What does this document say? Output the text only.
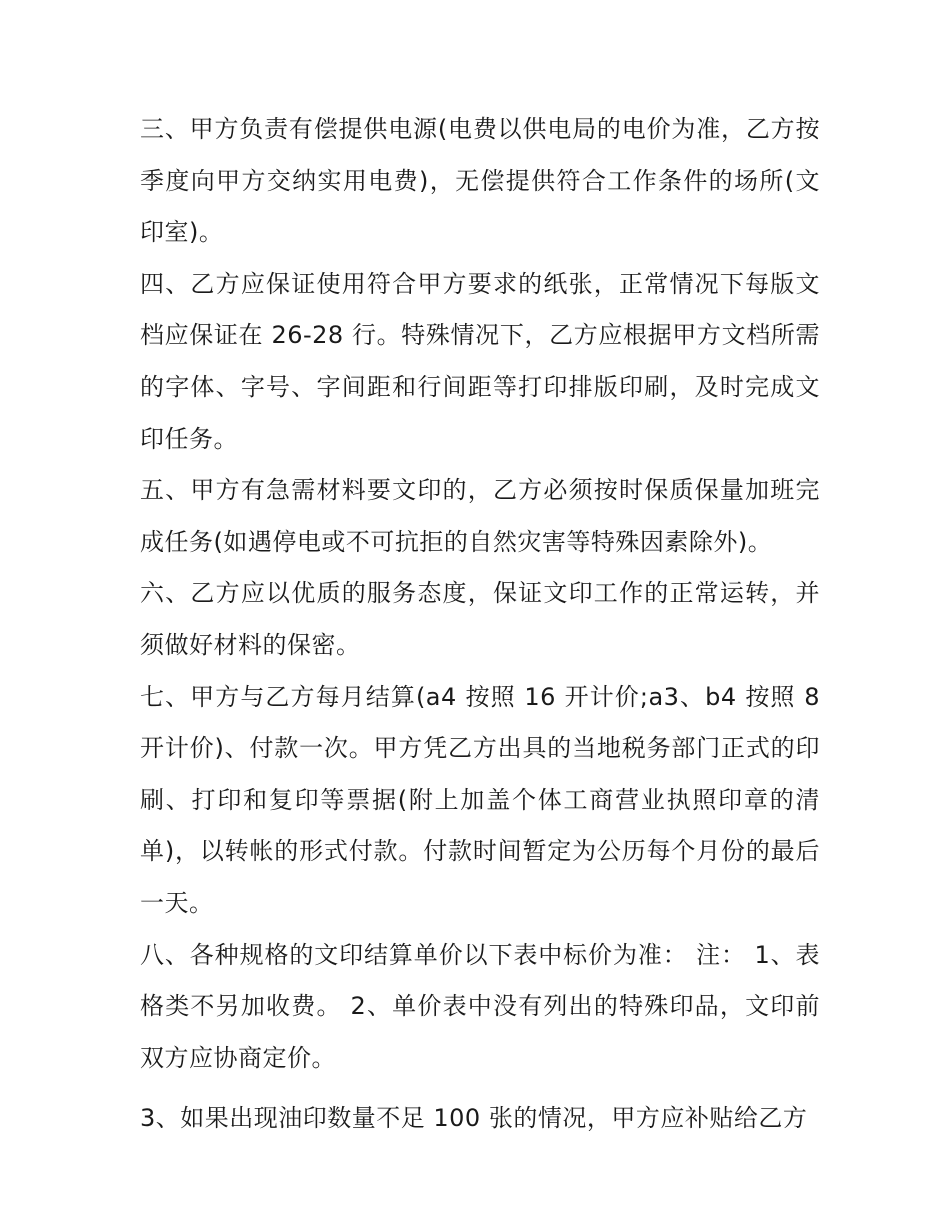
三、甲方负责有偿提供电源(电费以供电局的电价为准，乙方按季度向甲方交纳实用电费)，无偿提供符合工作条件的场所(文印室)。

四、乙方应保证使用符合甲方要求的纸张，正常情况下每版文档应保证在 26-28 行。特殊情况下，乙方应根据甲方文档所需的字体、字号、字间距和行间距等打印排版印刷，及时完成文印任务。

五、甲方有急需材料要文印的，乙方必须按时保质保量加班完成任务(如遇停电或不可抗拒的自然灾害等特殊因素除外)。

六、乙方应以优质的服务态度，保证文印工作的正常运转，并须做好材料的保密。

七、甲方与乙方每月结算(a4 按照 16 开计价;a3、b4 按照 8 开计价)、付款一次。甲方凭乙方出具的当地税务部门正式的印刷、打印和复印等票据(附上加盖个体工商营业执照印章的清单)，以转帐的形式付款。付款时间暂定为公历每个月份的最后一天。

八、各种规格的文印结算单价以下表中标价为准： 注： 1、表格类不另加收费。 2、单价表中没有列出的特殊印品，文印前双方应协商定价。

3、如果出现油印数量不足 100 张的情况，甲方应补贴给乙方
